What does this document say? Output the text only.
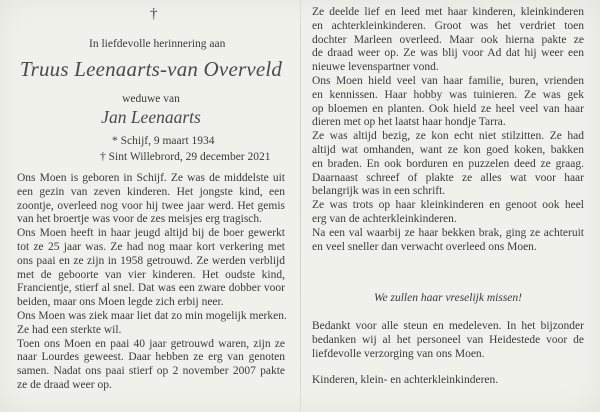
†
In liefdevolle herinnering aan
Truus Leenaarts-van Overveld
weduwe van
Jan Leenaarts
* Schijf, 9 maart 1934
† Sint Willebrord, 29 december 2021
Ons Moen is geboren in Schijf. Ze was de middelste uit
een gezin van zeven kinderen. Het jongste kind, een
zoontje, overleed nog voor hij twee jaar werd. Het gemis
van het broertje was voor de zes meisjes erg tragisch.
Ons Moen heeft in haar jeugd altijd bij de boer gewerkt
tot ze 25 jaar was. Ze had nog maar kort verkering met
ons paai en ze zijn in 1958 getrouwd. Ze werden verblijd
met de geboorte van vier kinderen. Het oudste kind,
Francientje, stierf al snel. Dat was een zware dobber voor
beiden, maar ons Moen legde zich erbij neer.
Ons Moen was ziek maar liet dat zo min mogelijk merken.
Ze had een sterkte wil.
Toen ons Moen en paai 40 jaar getrouwd waren, zijn ze
naar Lourdes geweest. Daar hebben ze erg van genoten
samen. Nadat ons paai stierf op 2 november 2007 pakte
ze de draad weer op.
Ze deelde lief en leed met haar kinderen, kleinkinderen
en achterkleinkinderen. Groot was het verdriet toen
dochter Marleen overleed. Maar ook hierna pakte ze
de draad weer op. Ze was blij voor Ad dat hij weer een
nieuwe levenspartner vond.
Ons Moen hield veel van haar familie, buren, vrienden
en kennissen. Haar hobby was tuinieren. Ze was gek
op bloemen en planten. Ook hield ze heel veel van haar
dieren met op het laatst haar hondje Tarra.
Ze was altijd bezig, ze kon echt niet stilzitten. Ze had
altijd wat omhanden, want ze kon goed koken, bakken
en braden. En ook borduren en puzzelen deed ze graag.
Daarnaast schreef of plakte ze alles wat voor haar
belangrijk was in een schrift.
Ze was trots op haar kleinkinderen en genoot ook heel
erg van de achterkleinkinderen.
Na een val waarbij ze haar bekken brak, ging ze achteruit
en veel sneller dan verwacht overleed ons Moen.
We zullen haar vreselijk missen!
Bedankt voor alle steun en medeleven. In het bijzonder
bedanken wij al het personeel van Heidestede voor de
liefdevolle verzorging van ons Moen.
Kinderen, klein- en achterkleinkinderen.
